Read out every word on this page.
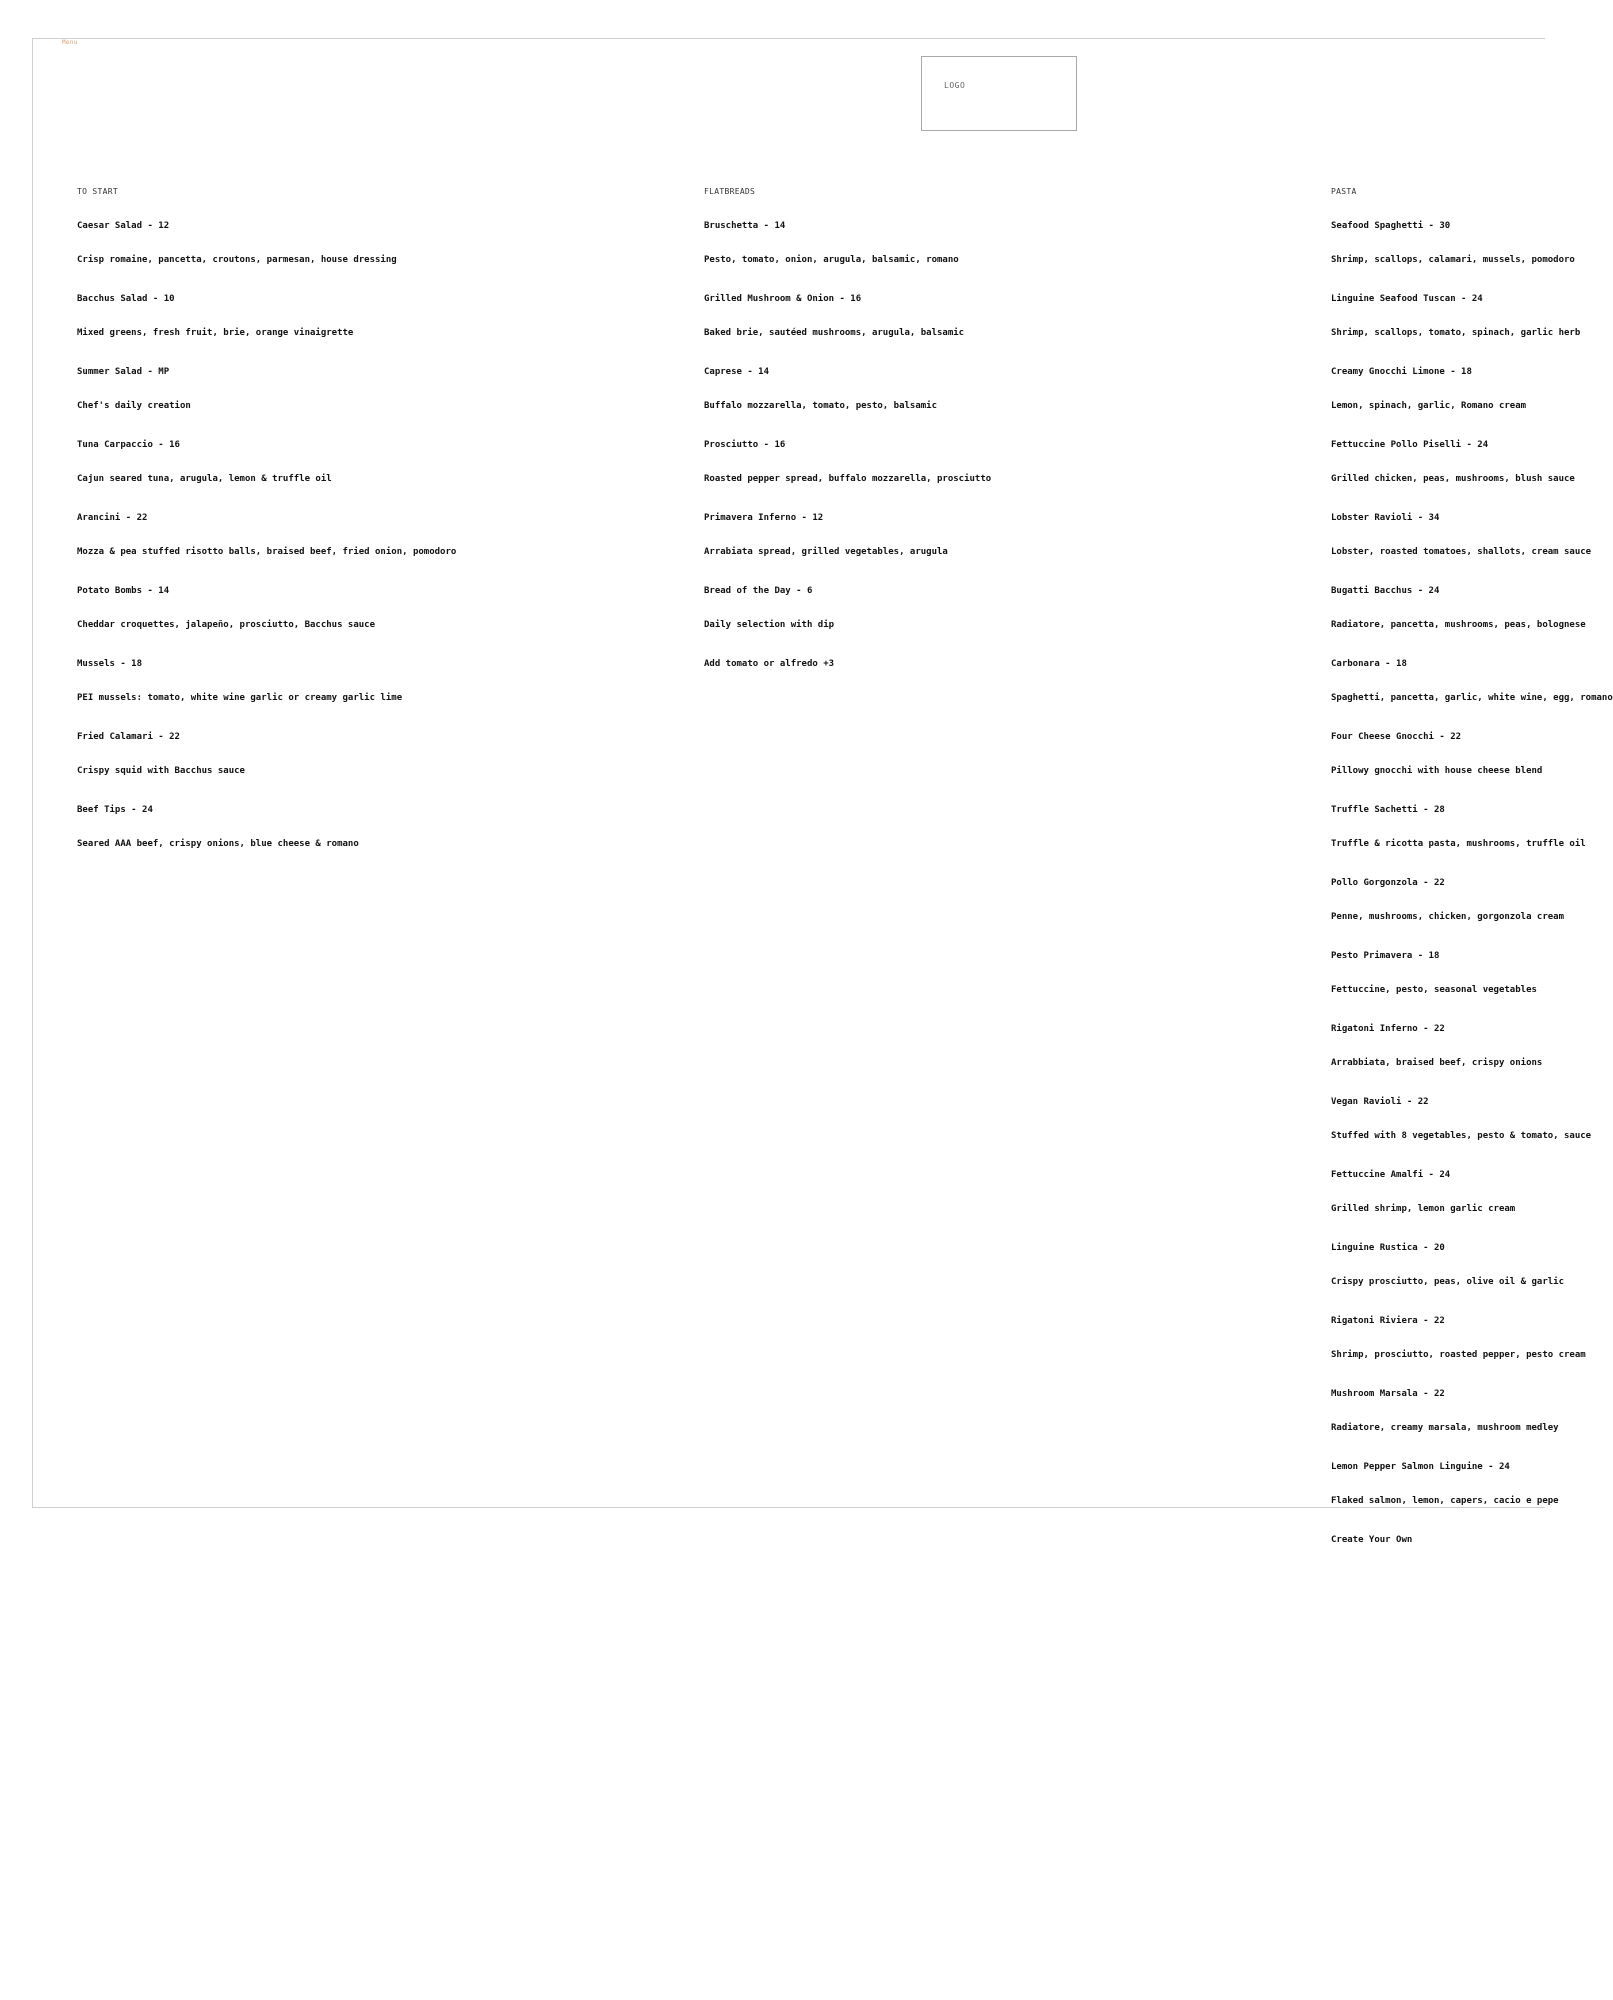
Menu
LOGO
TO START
Caesar Salad - 12
Crisp romaine, pancetta, croutons, parmesan, house dressing
Bacchus Salad - 10
Mixed greens, fresh fruit, brie, orange vinaigrette
Summer Salad - MP
Chef's daily creation
Tuna Carpaccio - 16
Cajun seared tuna, arugula, lemon & truffle oil
Arancini - 22
Mozza & pea stuffed risotto balls, braised beef, fried onion, pomodoro
Potato Bombs - 14
Cheddar croquettes, jalapeño, prosciutto, Bacchus sauce
Mussels - 18
PEI mussels: tomato, white wine garlic or creamy garlic lime
Fried Calamari - 22
Crispy squid with Bacchus sauce
Beef Tips - 24
Seared AAA beef, crispy onions, blue cheese & romano
FLATBREADS
Bruschetta - 14
Pesto, tomato, onion, arugula, balsamic, romano
Grilled Mushroom & Onion - 16
Baked brie, sautéed mushrooms, arugula, balsamic
Caprese - 14
Buffalo mozzarella, tomato, pesto, balsamic
Prosciutto - 16
Roasted pepper spread, buffalo mozzarella, prosciutto
Primavera Inferno - 12
Arrabiata spread, grilled vegetables, arugula
Bread of the Day - 6
Daily selection with dip
Add tomato or alfredo +3
PASTA
Seafood Spaghetti - 30
Shrimp, scallops, calamari, mussels, pomodoro
Linguine Seafood Tuscan - 24
Shrimp, scallops, tomato, spinach, garlic herb
Creamy Gnocchi Limone - 18
Lemon, spinach, garlic, Romano cream
Fettuccine Pollo Piselli - 24
Grilled chicken, peas, mushrooms, blush sauce
Lobster Ravioli - 34
Lobster, roasted tomatoes, shallots, cream sauce
Bugatti Bacchus - 24
Radiatore, pancetta, mushrooms, peas, bolognese
Carbonara - 18
Spaghetti, pancetta, garlic, white wine, egg, romano
Four Cheese Gnocchi - 22
Pillowy gnocchi with house cheese blend
Truffle Sachetti - 28
Truffle & ricotta pasta, mushrooms, truffle oil
Pollo Gorgonzola - 22
Penne, mushrooms, chicken, gorgonzola cream
Pesto Primavera - 18
Fettuccine, pesto, seasonal vegetables
Rigatoni Inferno - 22
Arrabbiata, braised beef, crispy onions
Vegan Ravioli - 22
Stuffed with 8 vegetables, pesto & tomato, sauce
Fettuccine Amalfi - 24
Grilled shrimp, lemon garlic cream
Linguine Rustica - 20
Crispy prosciutto, peas, olive oil & garlic
Rigatoni Riviera - 22
Shrimp, prosciutto, roasted pepper, pesto cream
Mushroom Marsala - 22
Radiatore, creamy marsala, mushroom medley
Lemon Pepper Salmon Linguine - 24
Flaked salmon, lemon, capers, cacio e pepe
Create Your Own
